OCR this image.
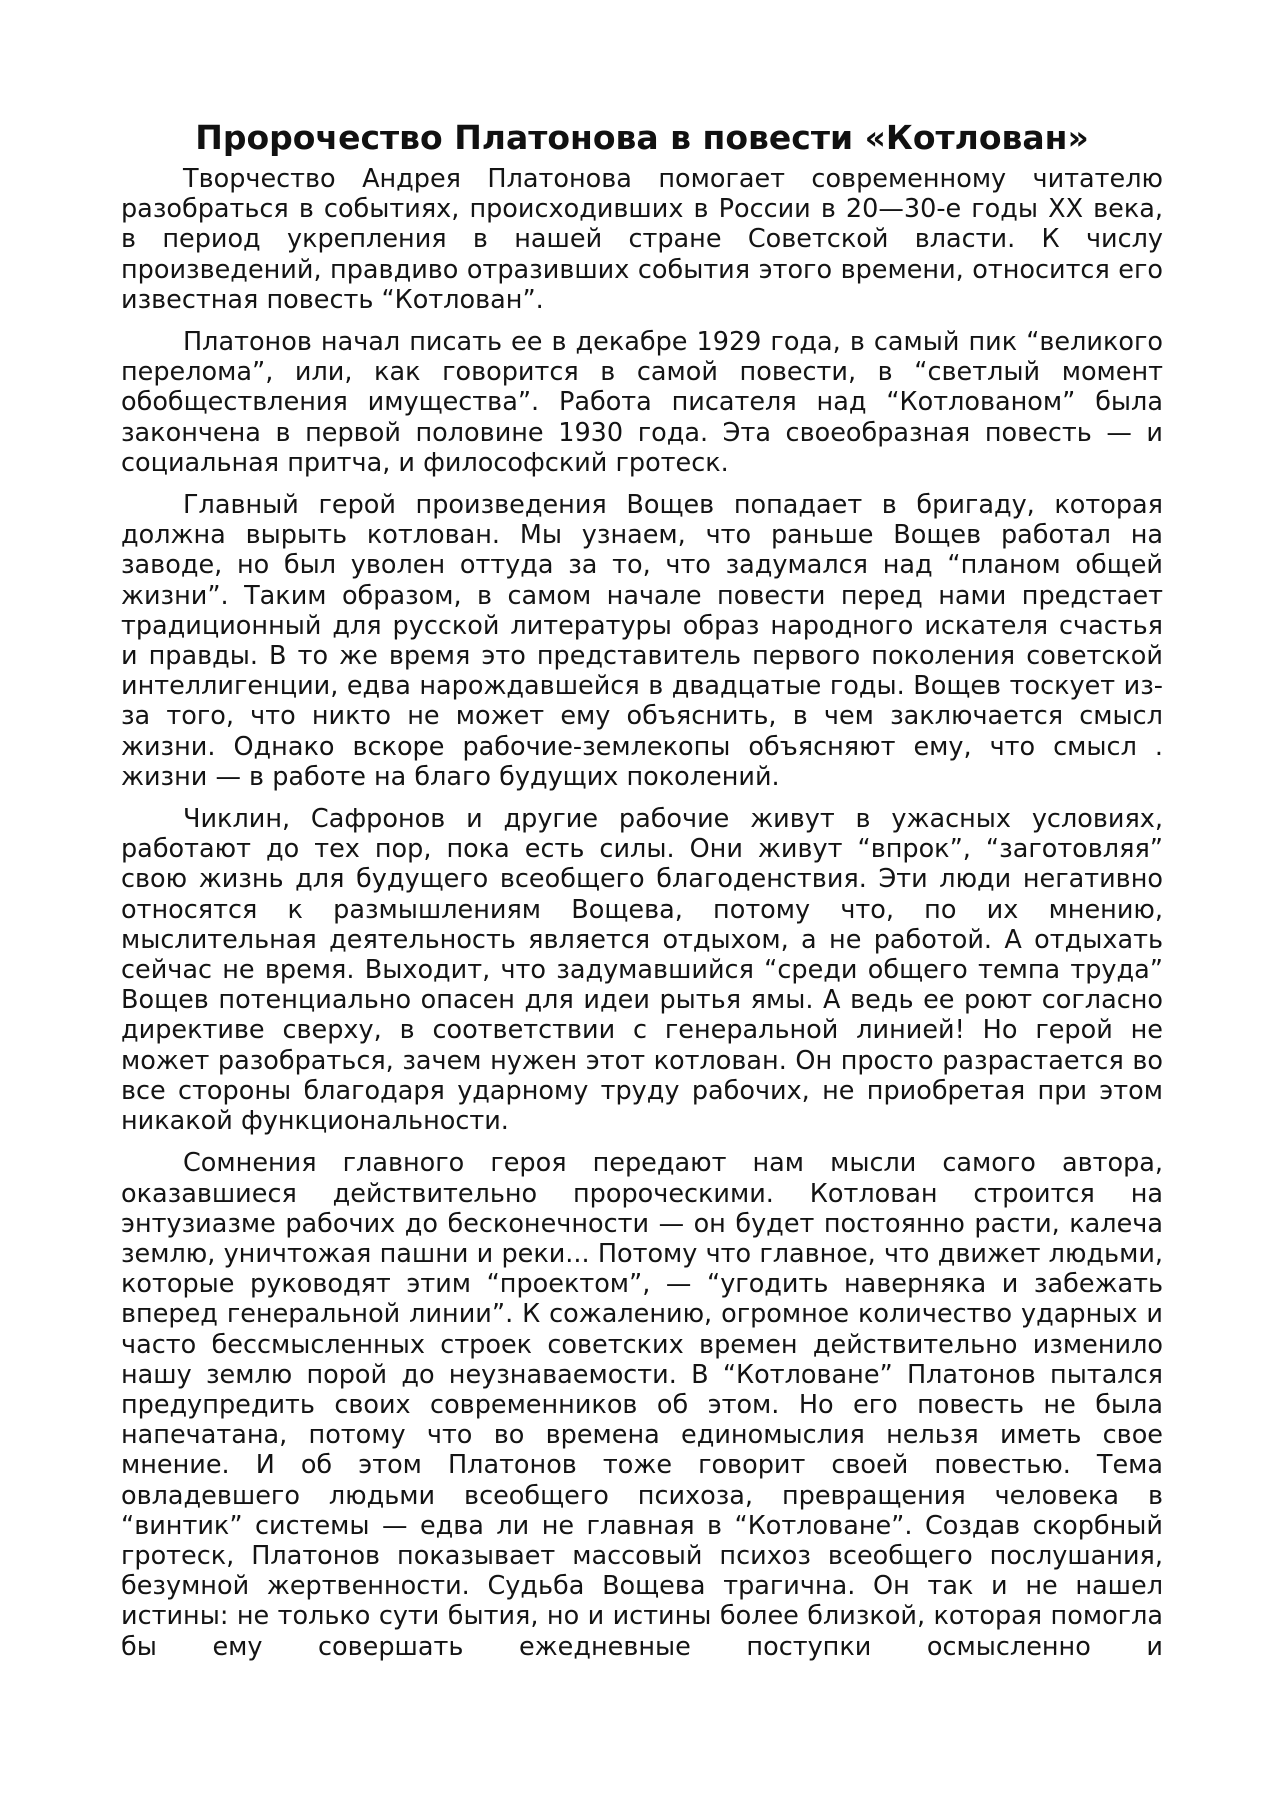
Пророчество Платонова в повести «Котлован»

Творчество Андрея Платонова помогает современному читателю разобраться в событиях, происходивших в России в 20—30-е годы XX века, в период укрепления в нашей стране Советской власти. К числу произведений, правдиво отразивших события этого времени, относится его известная повесть “Котлован”.

Платонов начал писать ее в декабре 1929 года, в самый пик “великого перелома”, или, как говорится в самой повести, в “светлый момент обобществления имущества”. Работа писателя над “Котлованом” была закончена в первой половине 1930 года. Эта своеобразная повесть — и социальная притча, и философский гротеск.

Главный герой произведения Вощев попадает в бригаду, которая должна вырыть котлован. Мы узнаем, что раньше Вощев работал на заводе, но был уволен оттуда за то, что задумался над “планом общей жизни”. Таким образом, в самом начале повести перед нами предстает традиционный для русской литературы образ народного искателя счастья и правды. В то же время это представитель первого поколения советской интеллигенции, едва нарождавшейся в двадцатые годы. Вощев тоскует из-за того, что никто не может ему объяснить, в чем заключается смысл жизни. Однако вскоре рабочие-землекопы объясняют ему, что смысл . жизни — в работе на благо будущих поколений.

Чиклин, Сафронов и другие рабочие живут в ужасных условиях, работают до тех пор, пока есть силы. Они живут “впрок”, “заготовляя” свою жизнь для будущего всеобщего благоденствия. Эти люди негативно относятся к размышлениям Вощева, потому что, по их мнению, мыслительная деятельность является отдыхом, а не работой. А отдыхать сейчас не время. Выходит, что задумавшийся “среди общего темпа труда” Вощев потенциально опасен для идеи рытья ямы. А ведь ее роют согласно директиве сверху, в соответствии с генеральной линией! Но герой не может разобраться, зачем нужен этот котлован. Он просто разрастается во все стороны благодаря ударному труду рабочих, не приобретая при этом никакой функциональности.

Сомнения главного героя передают нам мысли самого автора, оказавшиеся действительно пророческими. Котлован строится на энтузиазме рабочих до бесконечности — он будет постоянно расти, калеча землю, уничтожая пашни и реки... Потому что главное, что движет людьми, которые руководят этим “проектом”, — “угодить наверняка и забежать вперед генеральной линии”. К сожалению, огромное количество ударных и часто бессмысленных строек советских времен действительно изменило нашу землю порой до неузнаваемости. В “Котловане” Платонов пытался предупредить своих современников об этом. Но его повесть не была напечатана, потому что во времена единомыслия нельзя иметь свое мнение. И об этом Платонов тоже говорит своей повестью. Тема овладевшего людьми всеобщего психоза, превращения человека в “винтик” системы — едва ли не главная в “Котловане”. Создав скорбный гротеск, Платонов показывает массовый психоз всеобщего послушания, безумной жертвенности. Судьба Вощева трагична. Он так и не нашел истины: не только сути бытия, но и истины более близкой, которая помогла бы ему совершать ежедневные поступки осмысленно и
